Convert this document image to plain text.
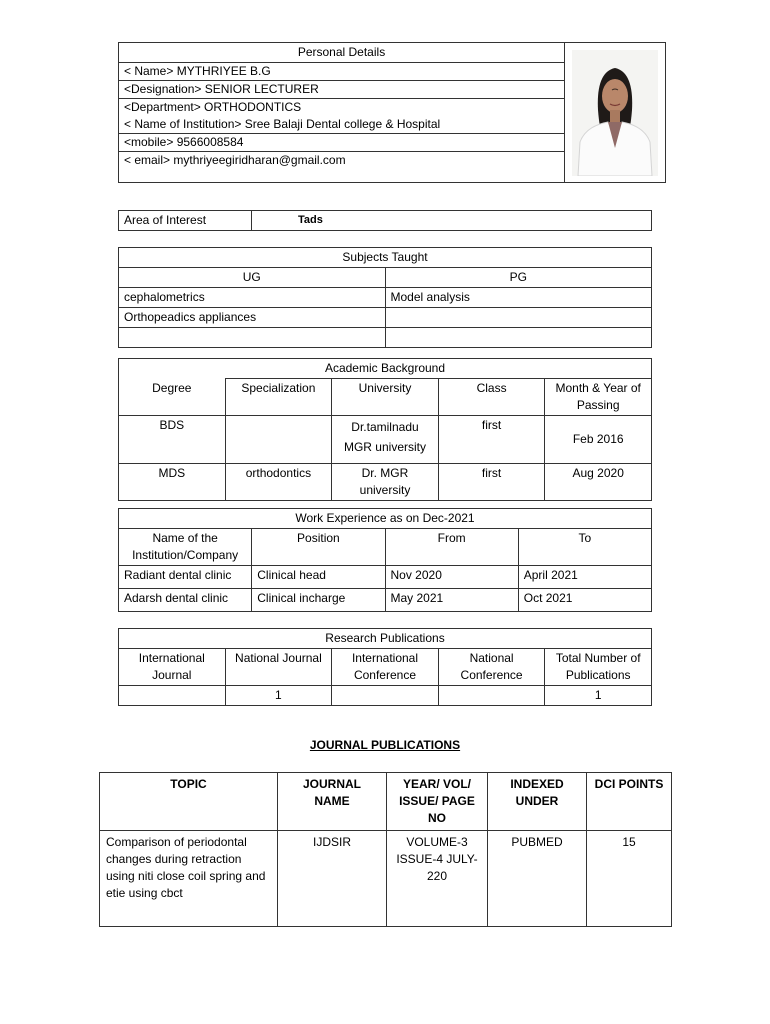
Personal Details	

< Name> MYTHRIYEE B.G
<Designation> SENIOR LECTURER
<Department> ORTHODONTICS
< Name of Institution> Sree Balaji Dental college & Hospital
<mobile> 9566008584
< email> mythriyeegiridharan@gmail.com
Area of Interest	Tads
Subjects Taught	
UG	PG
cephalometrics	Model analysis
Orthopeadics appliances	

Academic Background				
Degree	Specialization	University	Class	Month & Year of Passing
BDS		Dr.tamilnadu MGR university	first	Feb 2016
MDS	orthodontics	Dr. MGR university	first	Aug 2020
Work Experience as on Dec-2021			
Name of the Institution/Company	Position	From	To
Radiant dental clinic	Clinical head	Nov 2020	April 2021
Adarsh dental clinic	Clinical incharge	May 2021	Oct 2021
Research Publications				
International Journal	National Journal	International Conference	National Conference	Total Number of Publications
	1			1
JOURNAL PUBLICATIONS
TOPIC	JOURNAL NAME	YEAR/ VOL/ ISSUE/ PAGE NO	INDEXED UNDER	DCI POINTS
Comparison of periodontal changes during retraction using niti close coil spring and etie using cbct	IJDSIR	VOLUME-3 ISSUE-4 JULY-220	PUBMED	15
